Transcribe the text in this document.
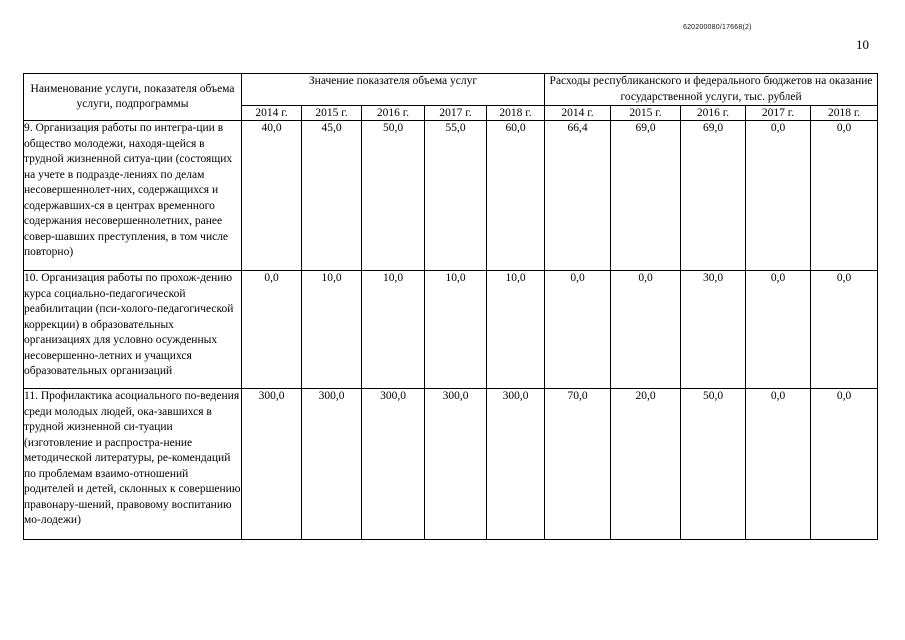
620200080/17668(2)
10
Наименование услуги, показателя объема услуги, подпрограммы	Значение показателя объема услуг					Расходы республиканского и федерального бюджетов на оказание государственной услуги, тыс. рублей				
	2014 г.	2015 г.	2016 г.	2017 г.	2018 г.	2014 г.	2015 г.	2016 г.	2017 г.	2018 г.
9. Организация работы по интегра-ции в общество молодежи, находя-щейся в трудной жизненной ситуа-ции (состоящих на учете в подразде-лениях по делам несовершеннолет-них, содержащихся и содержавших-ся в центрах временного содержания несовершеннолетних, ранее совер-шавших преступления, в том числе повторно)	40,0	45,0	50,0	55,0	60,0	66,4	69,0	69,0	0,0	0,0
10. Организация работы по прохож-дению курса социально-педагогической реабилитации (пси-холого-педагогической коррекции) в образовательных организациях для условно осужденных несовершенно-летних и учащихся образовательных организаций	0,0	10,0	10,0	10,0	10,0	0,0	0,0	30,0	0,0	0,0
11. Профилактика асоциального по-ведения среди молодых людей, ока-завшихся в трудной жизненной си-туации (изготовление и распростра-нение методической литературы, ре-комендаций по проблемам взаимо-отношений родителей и детей, склонных к совершению правонару-шений, правовому воспитанию мо-лодежи)	300,0	300,0	300,0	300,0	300,0	70,0	20,0	50,0	0,0	0,0
